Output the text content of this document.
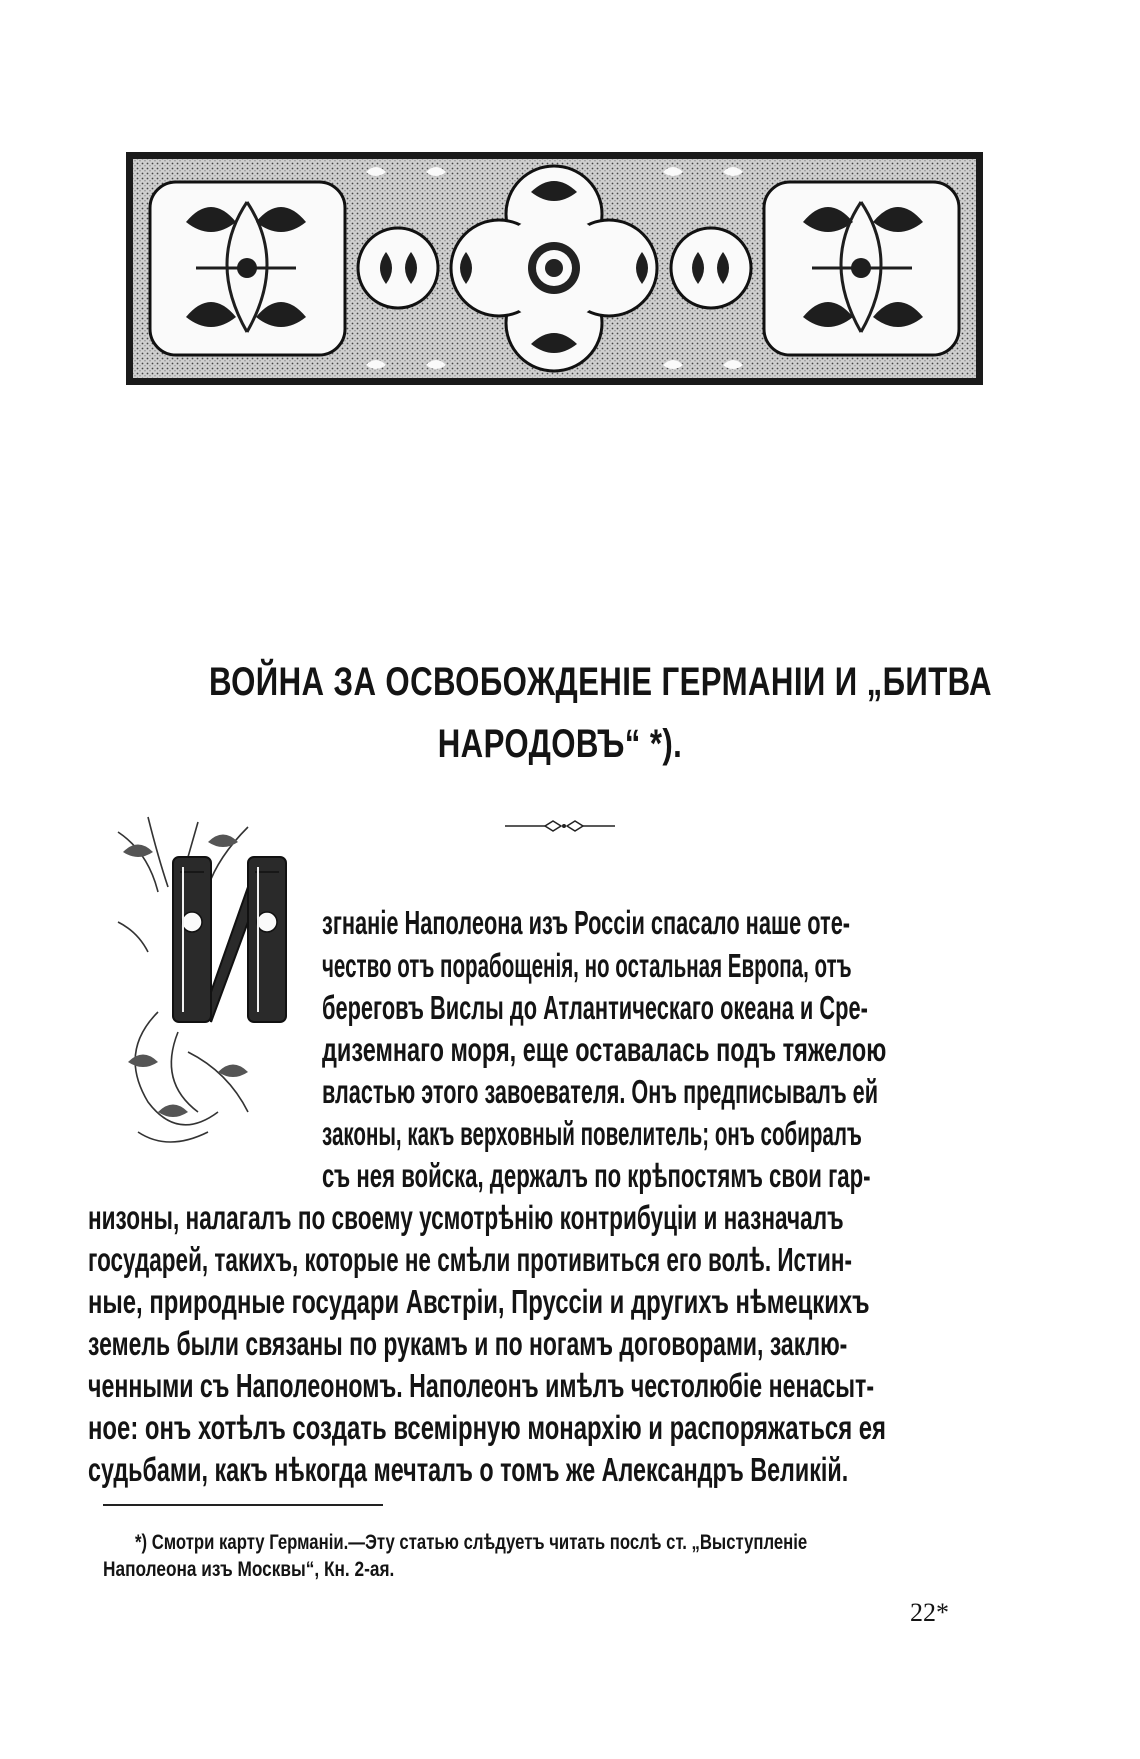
ВОЙНА ЗА ОСВОБОЖДЕНІЕ ГЕРМАНІИ И „БИТВА
НАРОДОВЪ“ *).
згнаніе Наполеона изъ Россіи спасало наше оте-
чество отъ порабощенія, но остальная Европа, отъ
береговъ Вислы до Атлантическаго океана и Сре-
диземнаго моря, еще оставалась подъ тяжелою
властью этого завоевателя. Онъ предписывалъ ей
законы, какъ верховный повелитель; онъ собиралъ
съ нея войска, держалъ по крѣпостямъ свои гар-
низоны, налагалъ по своему усмотрѣнію контрибуціи и назначалъ
государей, такихъ, которые не смѣли противиться его волѣ. Истин-
ные, природные государи Австріи, Пруссіи и другихъ нѣмецкихъ
земель были связаны по рукамъ и по ногамъ договорами, заклю-
ченными съ Наполеономъ. Наполеонъ имѣлъ честолюбіе ненасыт-
ное: онъ хотѣлъ создать всемірную монархію и распоряжаться ея
судьбами, какъ нѣкогда мечталъ о томъ же Александръ Великій.
*) Смотри карту Германіи.—Эту статью слѣдуетъ читать послѣ ст. „Выступленіе
Наполеона изъ Москвы“, Кн. 2-ая.
22*
